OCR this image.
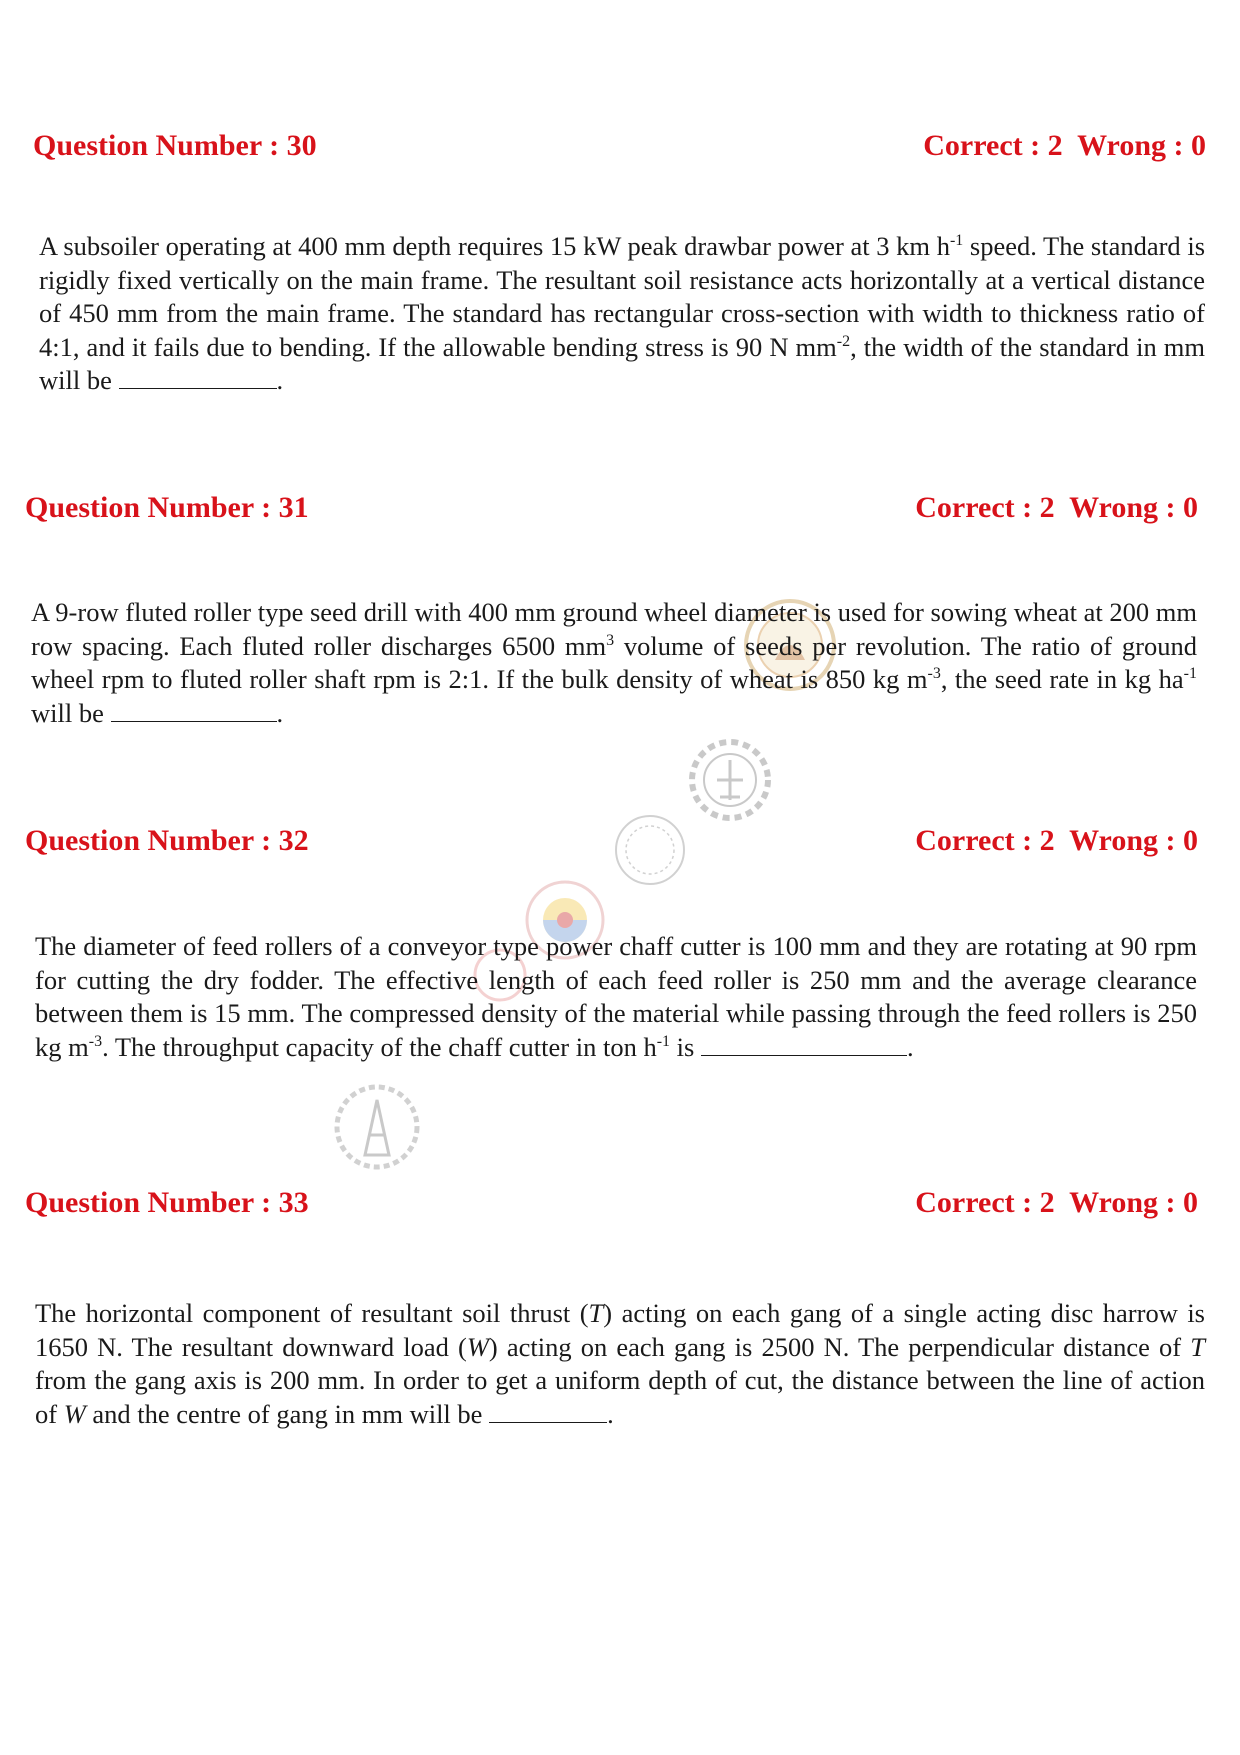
Question Number : 30	Correct : 2 Wrong : 0
A subsoiler operating at 400 mm depth requires 15 kW peak drawbar power at 3 km $h^{-1}$ speed. The standard is rigidly fixed vertically on the main frame. The resultant soil resistance acts horizontally at a vertical distance of 450 mm from the main frame. The standard has rectangular cross-section with width to thickness ratio of 4:1, and it fails due to bending. If the allowable bending stress is 90 N $mm^{-2}$, the width of the standard in mm will be	.
Question Number : 31	Correct : 2 Wrong : 0
A 9-row fluted roller type seed drill with 400 mm ground wheel diameter is used for sowing wheat at 200 mm row spacing. Each fluted roller discharges 6500 $mm^3$ volume of seeds per revolution. The ratio of ground wheel rpm to fluted roller shaft rpm is 2:1. If the bulk density of wheat is 850 kg $m^{-3}$, the seed rate in kg $ha^{-1}$ will be	.
Question Number : 32	Correct : 2 Wrong : 0
The diameter of feed rollers of a conveyor type power chaff cutter is 100 mm and they are rotating at 90 rpm for cutting the dry fodder. The effective length of each feed roller is 250 mm and the average clearance between them is 15 mm. The compressed density of the material while passing through the feed rollers is 250 kg $m^{-3}$. The throughput capacity of the chaff cutter in ton $h^{-1}$ is	.
Question Number : 33	Correct : 2 Wrong : 0
The horizontal component of resultant soil thrust (T) acting on each gang of a single acting disc harrow is 1650 N. The resultant downward load (W) acting on each gang is 2500 N. The perpendicular distance of T from the gang axis is 200 mm. In order to get a uniform depth of cut, the distance between the line of action of W and the centre of gang in mm will be	.
